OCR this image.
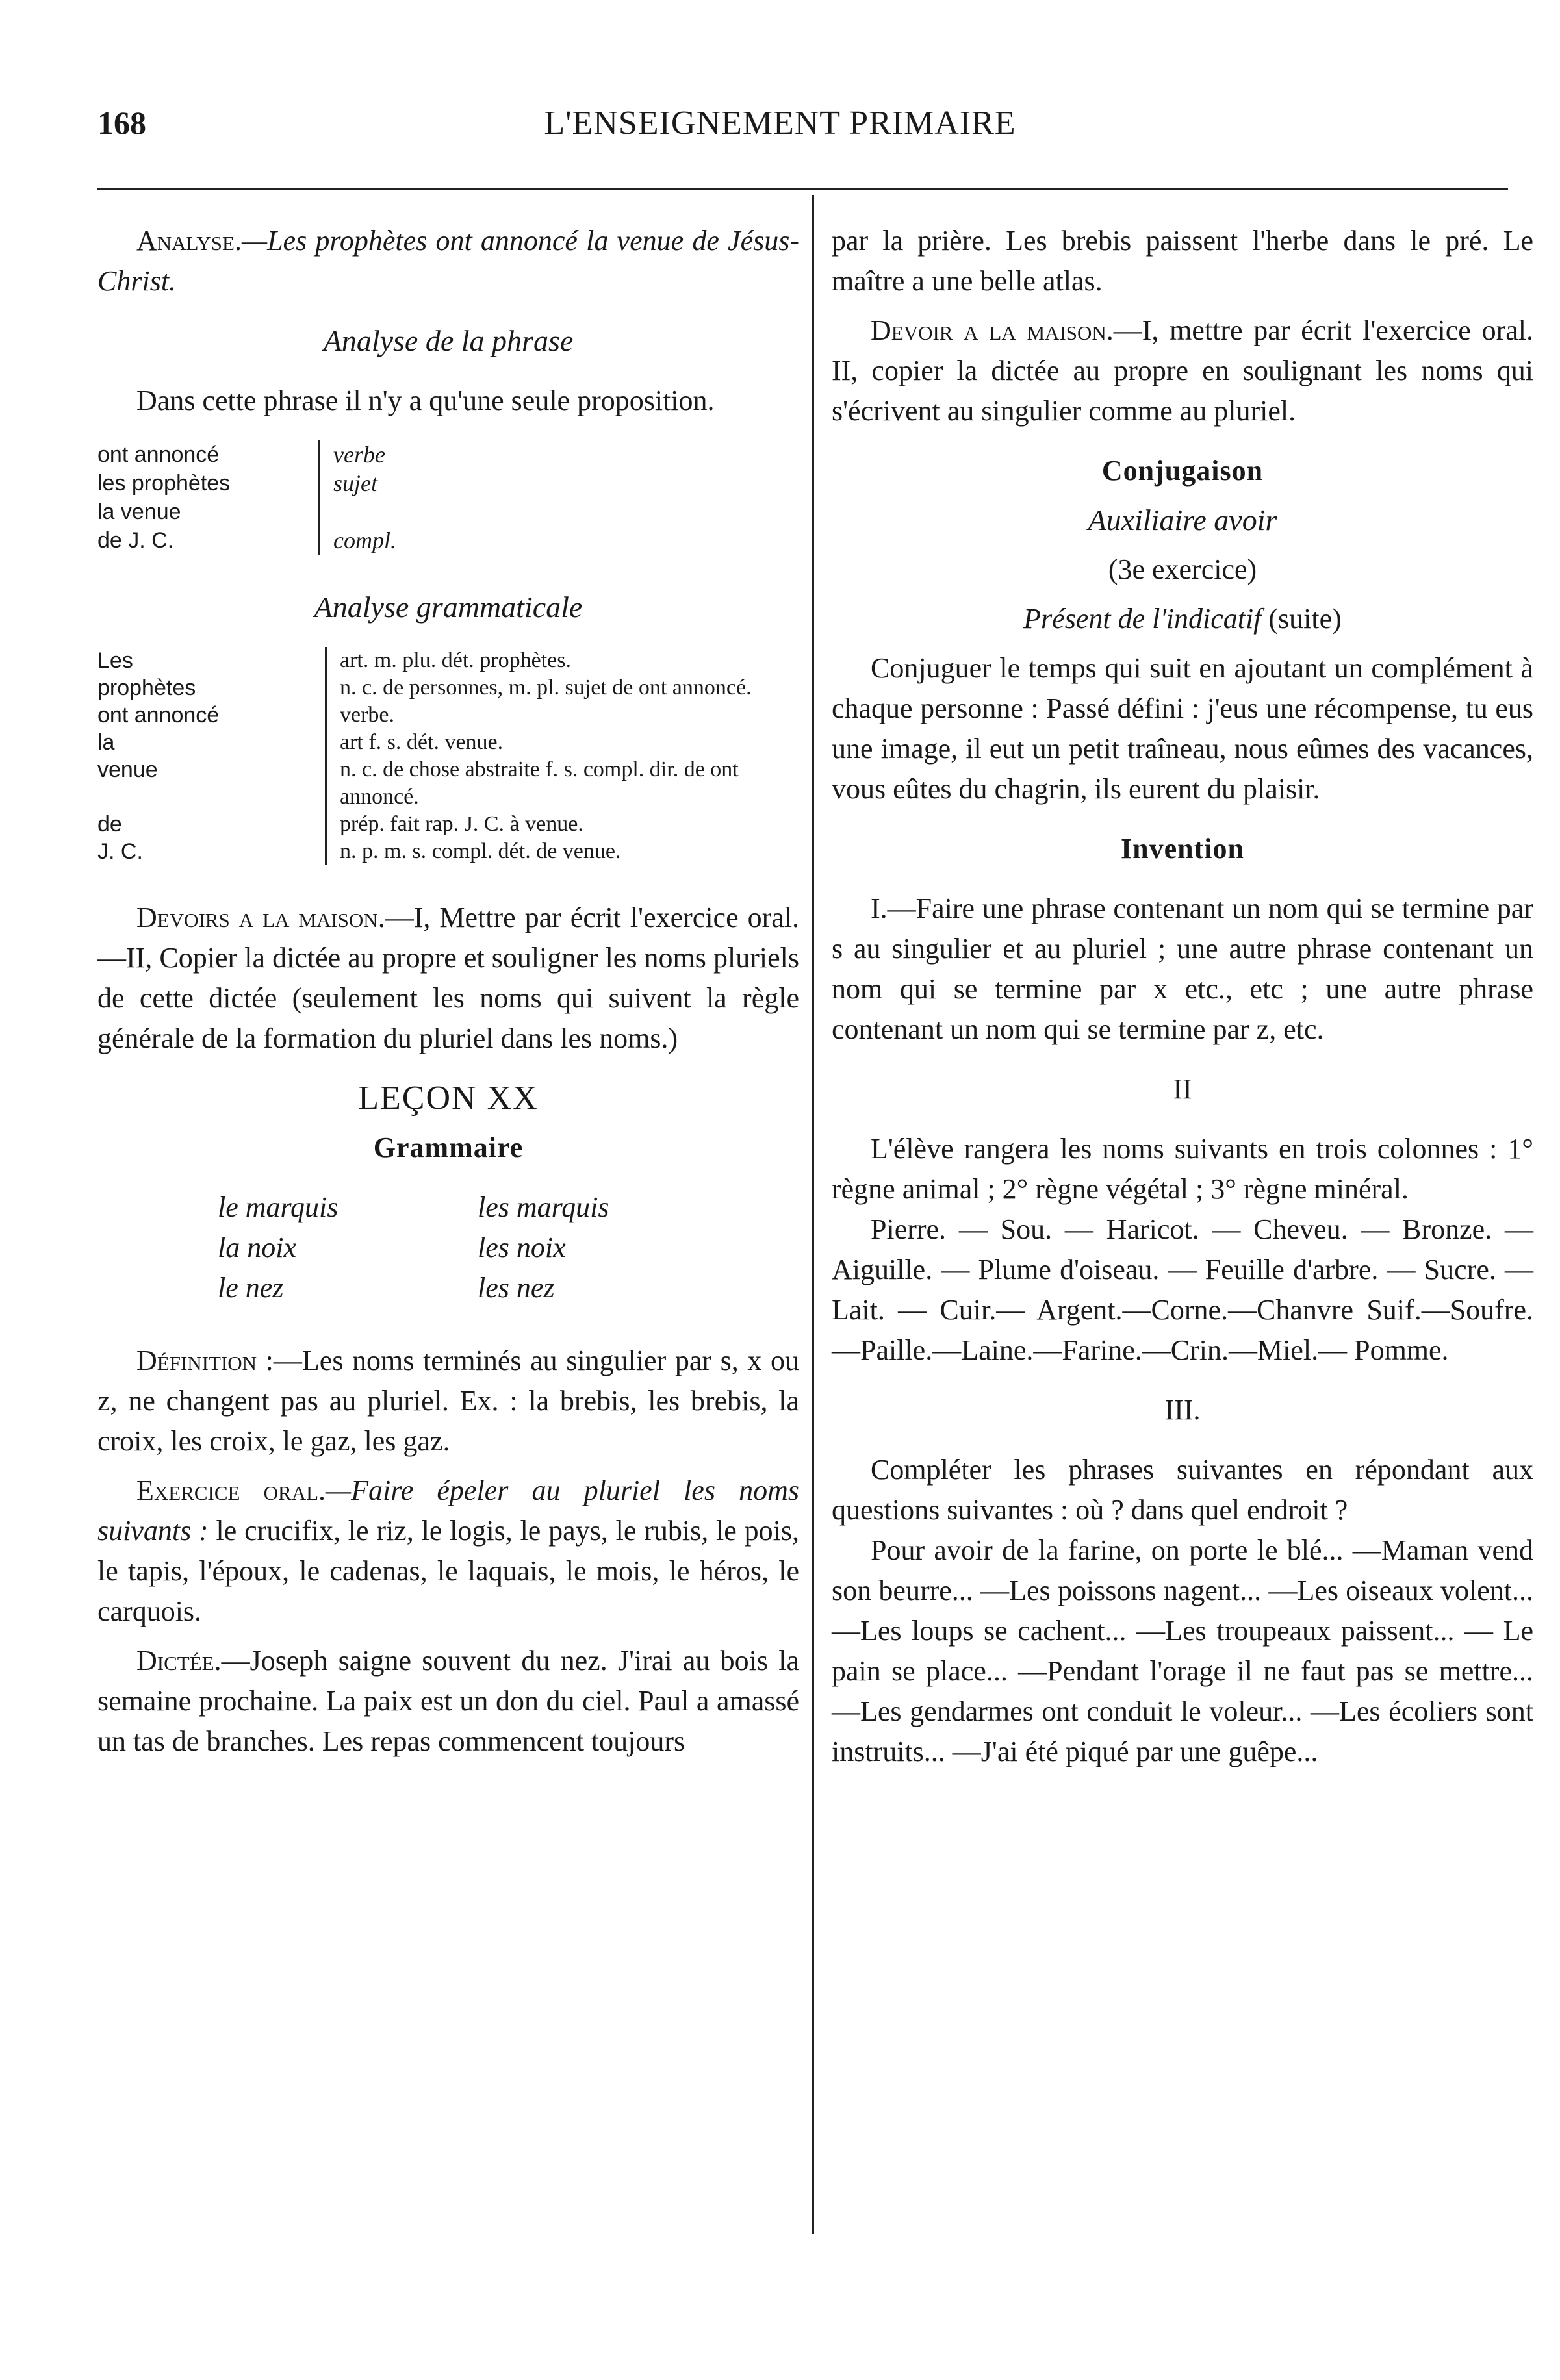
168	L'ENSEIGNEMENT PRIMAIRE

Analyse.—Les prophètes ont annoncé la venue de Jésus-Christ.

Analyse de la phrase

Dans cette phrase il n'y a qu'une seule proposition.

ont annoncé	verbe
les prophètes	sujet
la venue
de J. C.	compl.
Analyse grammaticale
Les	art. m. plu. dét. prophètes.
prophètes	n. c. de personnes, m. pl. sujet de ont annoncé.
ont annoncé	verbe.
la	art f. s. dét. venue.
venue	n. c. de chose abstraite f. s. compl. dir. de ont annoncé.
de	prép. fait rap. J. C. à venue.
J. C.	n. p. m. s. compl. dét. de venue.

Devoirs a la maison.—I, Mettre par écrit l'exercice oral.—II, Copier la dictée au propre et souligner les noms pluriels de cette dictée (seulement les noms qui suivent la règle générale de la formation du pluriel dans les noms.)

LEÇON XX
Grammaire
le marquis	les marquis
la noix	les noix
le nez	les nez

Définition :—Les noms terminés au singulier par s, x ou z, ne changent pas au pluriel. Ex. : la brebis, les brebis, la croix, les croix, le gaz, les gaz.

Exercice oral.—Faire épeler au pluriel les noms suivants : le crucifix, le riz, le logis, le pays, le rubis, le pois, le tapis, l'époux, le cadenas, le laquais, le mois, le héros, le carquois.

Dictée.—Joseph saigne souvent du nez. J'irai au bois la semaine prochaine. La paix est un don du ciel. Paul a amassé un tas de branches. Les repas commencent toujours

par la prière. Les brebis paissent l'herbe dans le pré. Le maître a une belle atlas.

Devoir a la maison.—I, mettre par écrit l'exercice oral. II, copier la dictée au propre en soulignant les noms qui s'écrivent au singulier comme au pluriel.

Conjugaison
Auxiliaire avoir
(3e exercice)
Présent de l'indicatif (suite)

Conjuguer le temps qui suit en ajoutant un complément à chaque personne : Passé défini : j'eus une récompense, tu eus une image, il eut un petit traîneau, nous eûmes des vacances, vous eûtes du chagrin, ils eurent du plaisir.

Invention

I.—Faire une phrase contenant un nom qui se termine par s au singulier et au pluriel ; une autre phrase contenant un nom qui se termine par x etc., etc ; une autre phrase contenant un nom qui se termine par z, etc.

II

L'élève rangera les noms suivants en trois colonnes : 1° règne animal ; 2° règne végétal ; 3° règne minéral.

Pierre. — Sou. — Haricot. — Cheveu. — Bronze. — Aiguille. — Plume d'oiseau. — Feuille d'arbre. — Sucre. — Lait. — Cuir.— Argent.—Corne.—Chanvre Suif.—Soufre. —Paille.—Laine.—Farine.—Crin.—Miel.— Pomme.

III.

Compléter les phrases suivantes en répondant aux questions suivantes : où ? dans quel endroit ?

Pour avoir de la farine, on porte le blé... —Maman vend son beurre... —Les poissons nagent... —Les oiseaux volent... —Les loups se cachent... —Les troupeaux paissent... — Le pain se place... —Pendant l'orage il ne faut pas se mettre... —Les gendarmes ont conduit le voleur... —Les écoliers sont instruits... —J'ai été piqué par une guêpe...
